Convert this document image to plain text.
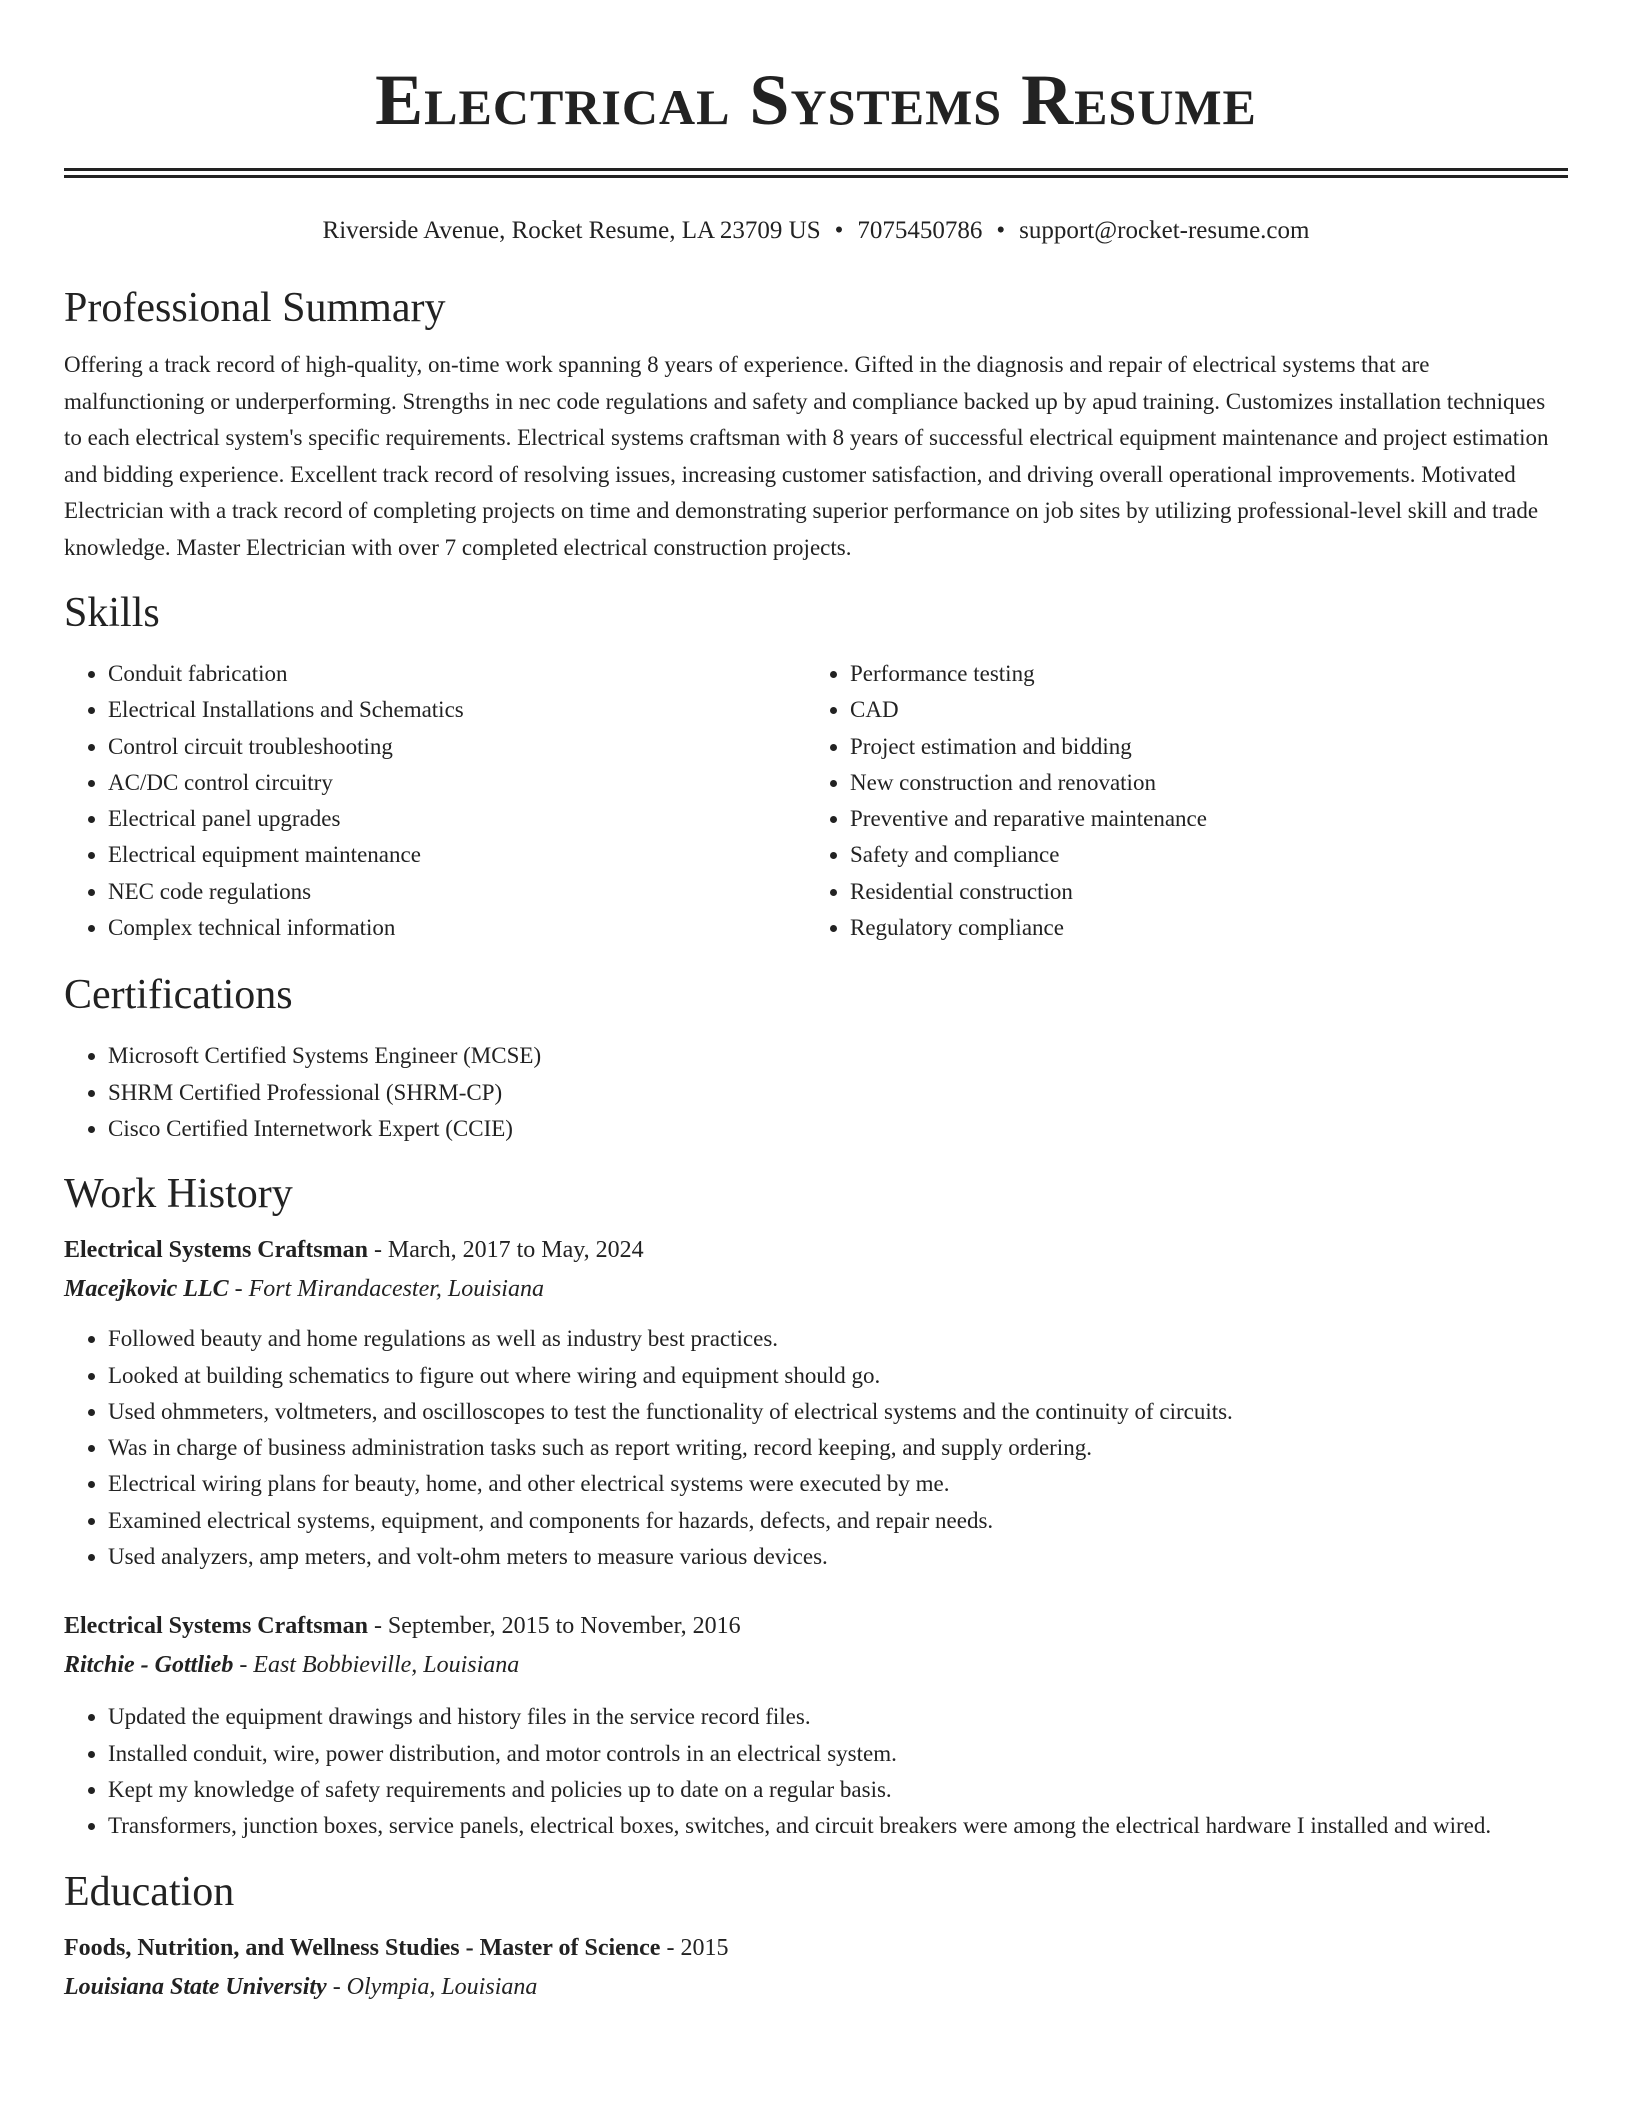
Electrical Systems Resume
Riverside Avenue, Rocket Resume, LA 23709 US • 7075450786 • support@rocket-resume.com
Professional Summary

Offering a track record of high-quality, on-time work spanning 8 years of experience. Gifted in the diagnosis and repair of electrical systems that are malfunctioning or underperforming. Strengths in nec code regulations and safety and compliance backed up by apud training. Customizes installation techniques to each electrical system's specific requirements. Electrical systems craftsman with 8 years of successful electrical equipment maintenance and project estimation and bidding experience. Excellent track record of resolving issues, increasing customer satisfaction, and driving overall operational improvements. Motivated Electrician with a track record of completing projects on time and demonstrating superior performance on job sites by utilizing professional-level skill and trade knowledge. Master Electrician with over 7 completed electrical construction projects.

Skills
• Conduit fabrication
• Electrical Installations and Schematics
• Control circuit troubleshooting
• AC/DC control circuitry
• Electrical panel upgrades
• Electrical equipment maintenance
• NEC code regulations
• Complex technical information
• Performance testing
• CAD
• Project estimation and bidding
• New construction and renovation
• Preventive and reparative maintenance
• Safety and compliance
• Residential construction
• Regulatory compliance
Certifications
• Microsoft Certified Systems Engineer (MCSE)
• SHRM Certified Professional (SHRM-CP)
• Cisco Certified Internetwork Expert (CCIE)
Work History
Electrical Systems Craftsman - March, 2017 to May, 2024
Macejkovic LLC - Fort Mirandacester, Louisiana
• Followed beauty and home regulations as well as industry best practices.
• Looked at building schematics to figure out where wiring and equipment should go.
• Used ohmmeters, voltmeters, and oscilloscopes to test the functionality of electrical systems and the continuity of circuits.
• Was in charge of business administration tasks such as report writing, record keeping, and supply ordering.
• Electrical wiring plans for beauty, home, and other electrical systems were executed by me.
• Examined electrical systems, equipment, and components for hazards, defects, and repair needs.
• Used analyzers, amp meters, and volt-ohm meters to measure various devices.
Electrical Systems Craftsman - September, 2015 to November, 2016
Ritchie - Gottlieb - East Bobbieville, Louisiana
• Updated the equipment drawings and history files in the service record files.
• Installed conduit, wire, power distribution, and motor controls in an electrical system.
• Kept my knowledge of safety requirements and policies up to date on a regular basis.
• Transformers, junction boxes, service panels, electrical boxes, switches, and circuit breakers were among the electrical hardware I installed and wired.
Education
Foods, Nutrition, and Wellness Studies - Master of Science - 2015
Louisiana State University - Olympia, Louisiana
